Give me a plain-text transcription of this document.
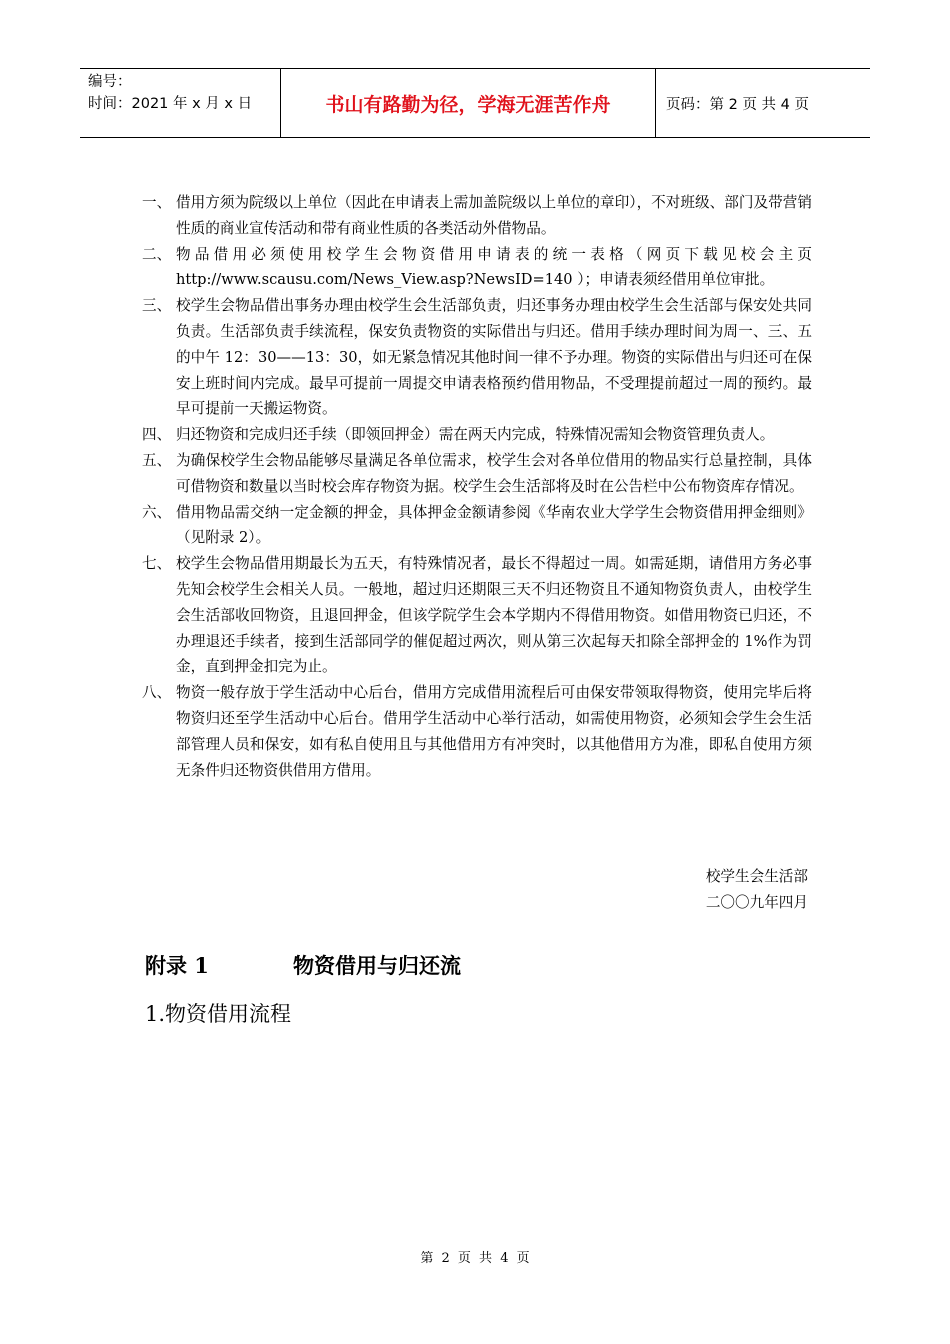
编号：
时间：2021 年 x 月 x 日	书山有路勤为径，学海无涯苦作舟	页码：第 2 页 共 4 页
一、 借用方须为院级以上单位（因此在申请表上需加盖院级以上单位的章印），不对班级、部门及带营销性质的商业宣传活动和带有商业性质的各类活动外借物品。
二、 物品借用必须使用校学生会物资借用申请表的统一表格（网页下载见校会主页 http://www.scausu.com/News_View.asp?NewsID=140 ）；申请表须经借用单位审批。
三、 校学生会物品借出事务办理由校学生会生活部负责，归还事务办理由校学生会生活部与保安处共同负责。生活部负责手续流程，保安负责物资的实际借出与归还。借用手续办理时间为周一、三、五的中午 12：30——13：30，如无紧急情况其他时间一律不予办理。物资的实际借出与归还可在保安上班时间内完成。最早可提前一周提交申请表格预约借用物品，不受理提前超过一周的预约。最早可提前一天搬运物资。
四、 归还物资和完成归还手续（即领回押金）需在两天内完成，特殊情况需知会物资管理负责人。
五、 为确保校学生会物品能够尽量满足各单位需求，校学生会对各单位借用的物品实行总量控制，具体可借物资和数量以当时校会库存物资为据。校学生会生活部将及时在公告栏中公布物资库存情况。
六、 借用物品需交纳一定金额的押金，具体押金金额请参阅《华南农业大学学生会物资借用押金细则》（见附录 2）。
七、 校学生会物品借用期最长为五天，有特殊情况者，最长不得超过一周。如需延期，请借用方务必事先知会校学生会相关人员。一般地，超过归还期限三天不归还物资且不通知物资负责人，由校学生会生活部收回物资，且退回押金，但该学院学生会本学期内不得借用物资。如借用物资已归还，不办理退还手续者，接到生活部同学的催促超过两次，则从第三次起每天扣除全部押金的 1%作为罚金，直到押金扣完为止。
八、 物资一般存放于学生活动中心后台，借用方完成借用流程后可由保安带领取得物资，使用完毕后将物资归还至学生活动中心后台。借用学生活动中心举行活动，如需使用物资，必须知会学生会生活部管理人员和保安，如有私自使用且与其他借用方有冲突时，以其他借用方为准，即私自使用方须无条件归还物资供借用方借用。
校学生会生活部
二〇〇九年四月
附录 1	物资借用与归还流
1.物资借用流程
第 2 页 共 4 页
